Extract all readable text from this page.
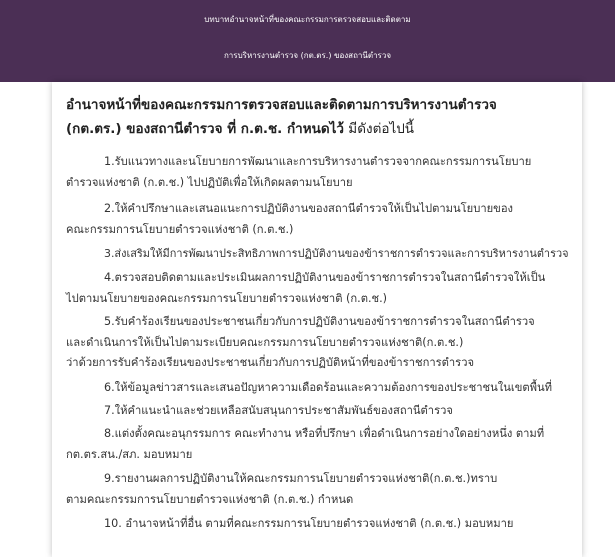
บทบาทอำนาจหน้าที่ของคณะกรรมการตรวจสอบและติดตาม
การบริหารงานตำรวจ (กต.ตร.) ของสถานีตำรวจ
อำนาจหน้าที่ของคณะกรรมการตรวจสอบและติดตามการบริหารงานตำรวจ
(กต.ตร.) ของสถานีตำรวจ ที่ ก.ต.ช. กำหนดไว้ มีดังต่อไปนี้
1.รับแนวทางและนโยบายการพัฒนาและการบริหารงานตำรวจจากคณะกรรมการนโยบาย
ตำรวจแห่งชาติ (ก.ต.ช.) ไปปฏิบัติเพื่อให้เกิดผลตามนโยบาย
2.ให้คำปรึกษาและเสนอแนะการปฏิบัติงานของสถานีตำรวจให้เป็นไปตามนโยบายของ
คณะกรรมการนโยบายตำรวจแห่งชาติ (ก.ต.ช.)
3.ส่งเสริมให้มีการพัฒนาประสิทธิภาพการปฏิบัติงานของข้าราชการตำรวจและการบริหารงานตำรวจ
4.ตรวจสอบติดตามและประเมินผลการปฏิบัติงานของข้าราชการตำรวจในสถานีตำรวจให้เป็น
ไปตามนโยบายของคณะกรรมการนโยบายตำรวจแห่งชาติ (ก.ต.ช.)
5.รับคำร้องเรียนของประชาชนเกี่ยวกับการปฏิบัติงานของข้าราชการตำรวจในสถานีตำรวจ
และดำเนินการให้เป็นไปตามระเบียบคณะกรรมการนโยบายตำรวจแห่งชาติ(ก.ต.ช.)
ว่าด้วยการรับคำร้องเรียนของประชาชนเกี่ยวกับการปฏิบัติหน้าที่ของข้าราชการตำรวจ
6.ให้ข้อมูลข่าวสารและเสนอปัญหาความเดือดร้อนและความต้องการของประชาชนในเขตพื้นที่
7.ให้คำแนะนำและช่วยเหลือสนับสนุนการประชาสัมพันธ์ของสถานีตำรวจ
8.แต่งตั้งคณะอนุกรรมการ คณะทำงาน หรือที่ปรึกษา เพื่อดำเนินการอย่างใดอย่างหนึ่ง ตามที่
กต.ตร.สน./สภ. มอบหมาย
9.รายงานผลการปฏิบัติงานให้คณะกรรมการนโยบายตำรวจแห่งชาติ(ก.ต.ช.)ทราบ
ตามคณะกรรมการนโยบายตำรวจแห่งชาติ (ก.ต.ช.) กำหนด
10. อำนาจหน้าที่อื่น ตามที่คณะกรรมการนโยบายตำรวจแห่งชาติ (ก.ต.ช.) มอบหมาย
